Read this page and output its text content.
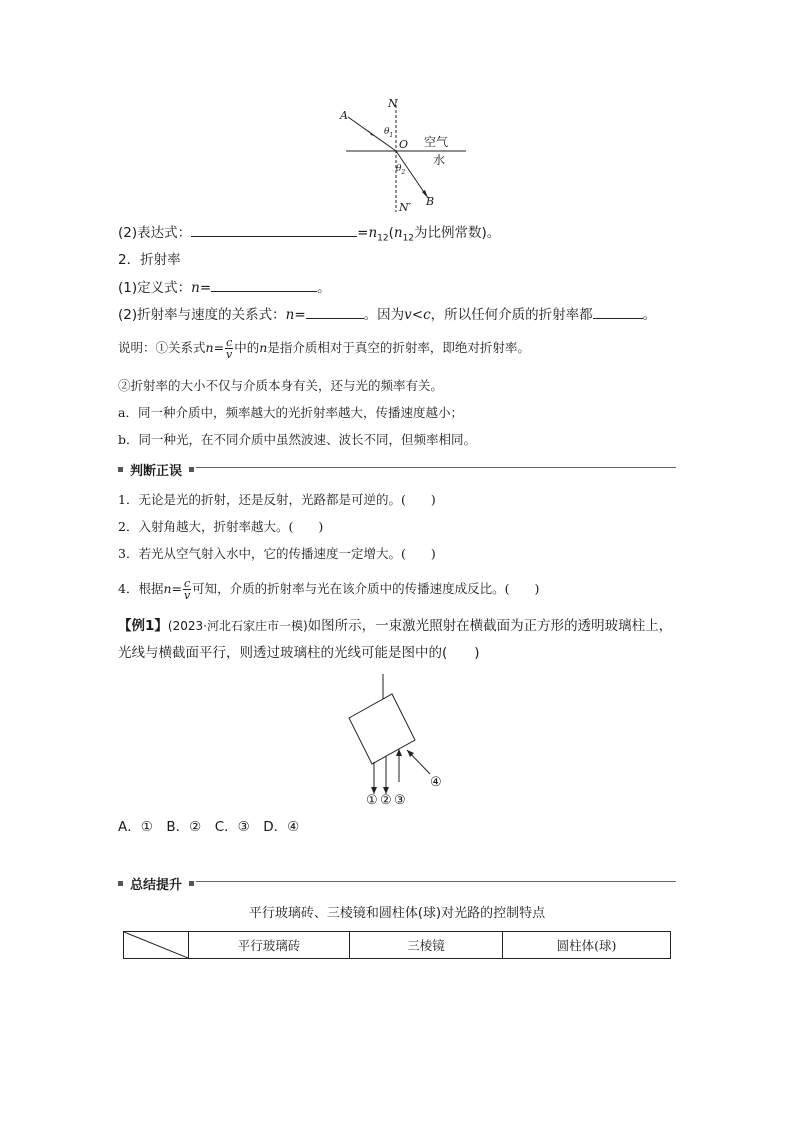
A
N
$\theta_1$
O 空气
水
$\theta_2$
N′ B
(2)表达式：	$=n_{12}(n_{12}$为比例常数)。
2．折射率
(1)定义式：n=	。
(2)折射率与速度的关系式：n=	。因为v<c，所以任何介质的折射率都	。
说明：①关系式$n= \frac{c}{v}$ 中的n是指介质相对于真空的折射率，即绝对折射率。
②折射率的大小不仅与介质本身有关，还与光的频率有关。
a．同一种介质中，频率越大的光折射率越大，传播速度越小；
b．同一种光，在不同介质中虽然波速、波长不同，但频率相同。
判断正误
1．无论是光的折射，还是反射，光路都是可逆的。(　　)
2．入射角越大，折射率越大。(　　)
3．若光从空气射入水中，它的传播速度一定增大。(　　)
4．根据$n= \frac{c}{v}$ 可知，介质的折射率与光在该介质中的传播速度成反比。(　　)
【例1】(2023·河北石家庄市一模)如图所示，一束激光照射在横截面为正方形的透明玻璃柱上，
光线与横截面平行，则透过玻璃柱的光线可能是图中的(　　)
① ② ③
④
A．①　B．②　C．③　D．④
总结提升
平行玻璃砖、三棱镜和圆柱体(球)对光路的控制特点
	平行玻璃砖	三棱镜	圆柱体(球)
